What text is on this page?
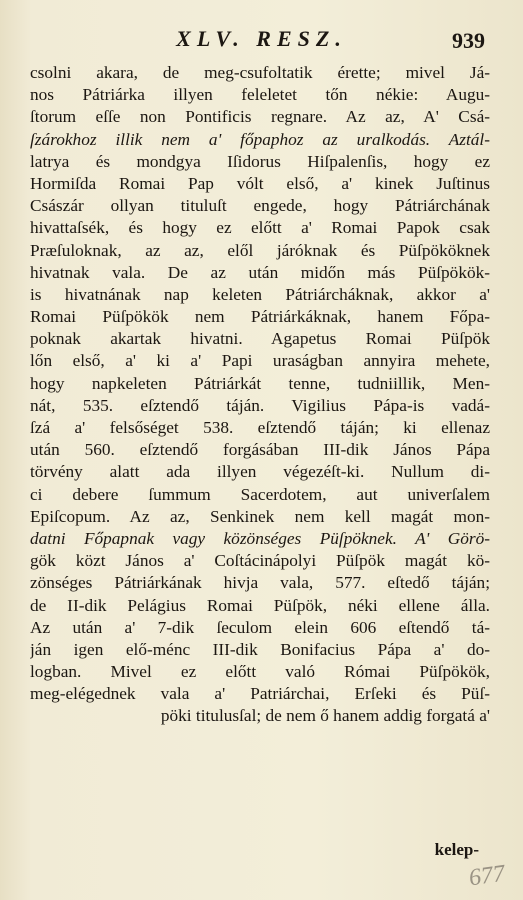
XLV. RESZ.	939
csolni akara, de meg-csufoltatik érette; mivel Já-
nos Pátriárka illyen feleletet tőn nékie: Augu-
ſtorum eſſe non Pontificis regnare. Az az, A' Csá-
ſzárokhoz illik nem a' főpaphoz az uralkodás. Aztál-
latrya és mondgya Iſidorus Hiſpalenſis, hogy ez
Hormiſda Romai Pap vólt első, a' kinek Juſtinus
Császár ollyan tituluſt engede, hogy Pátriárchának
hivattaſsék, és hogy ez előtt a' Romai Papok csak
Præſuloknak, az az, elől járóknak és Püſpököknek
hivatnak vala. De az után midőn más Püſpökök-
is hivatnának nap keleten Pátriárcháknak, akkor a'
Romai Püſpökök nem Pátriárkáknak, hanem Főpa-
poknak akartak hivatni. Agapetus Romai Püſpök
lőn első, a' ki a' Papi uraságban annyira mehete,
hogy napkeleten Pátriárkát tenne, tudniillik, Men-
nát, 535. eſztendő táján. Vigilius Pápa-is vadá-
ſzá a' felsőséget 538. eſztendő táján; ki ellenaz
után 560. eſztendő forgásában III-dik János Pápa
törvény alatt ada illyen végezéſt-ki. Nullum di-
ci debere ſummum Sacerdotem, aut univerſalem
Epiſcopum. Az az, Senkinek nem kell magát mon-
datni Főpapnak vagy közönséges Püſpöknek. A' Görö-
gök közt János a' Coſtácinápolyi Püſpök magát kö-
zönséges Pátriárkának hivja vala, 577. eſtedő táján;
de II-dik Pelágius Romai Püſpök, néki ellene álla.
Az után a' 7-dik ſeculom elein 606 eſtendő tá-
ján igen elő-ménc III-dik Bonifacius Pápa a' do-
logban. Mivel ez előtt való Római Püſpökök,
meg-elégednek vala a' Patriárchai, Erſeki és Püſ-
pöki titulusſal; de nem ő hanem addig forgatá a'
kelep-
677
